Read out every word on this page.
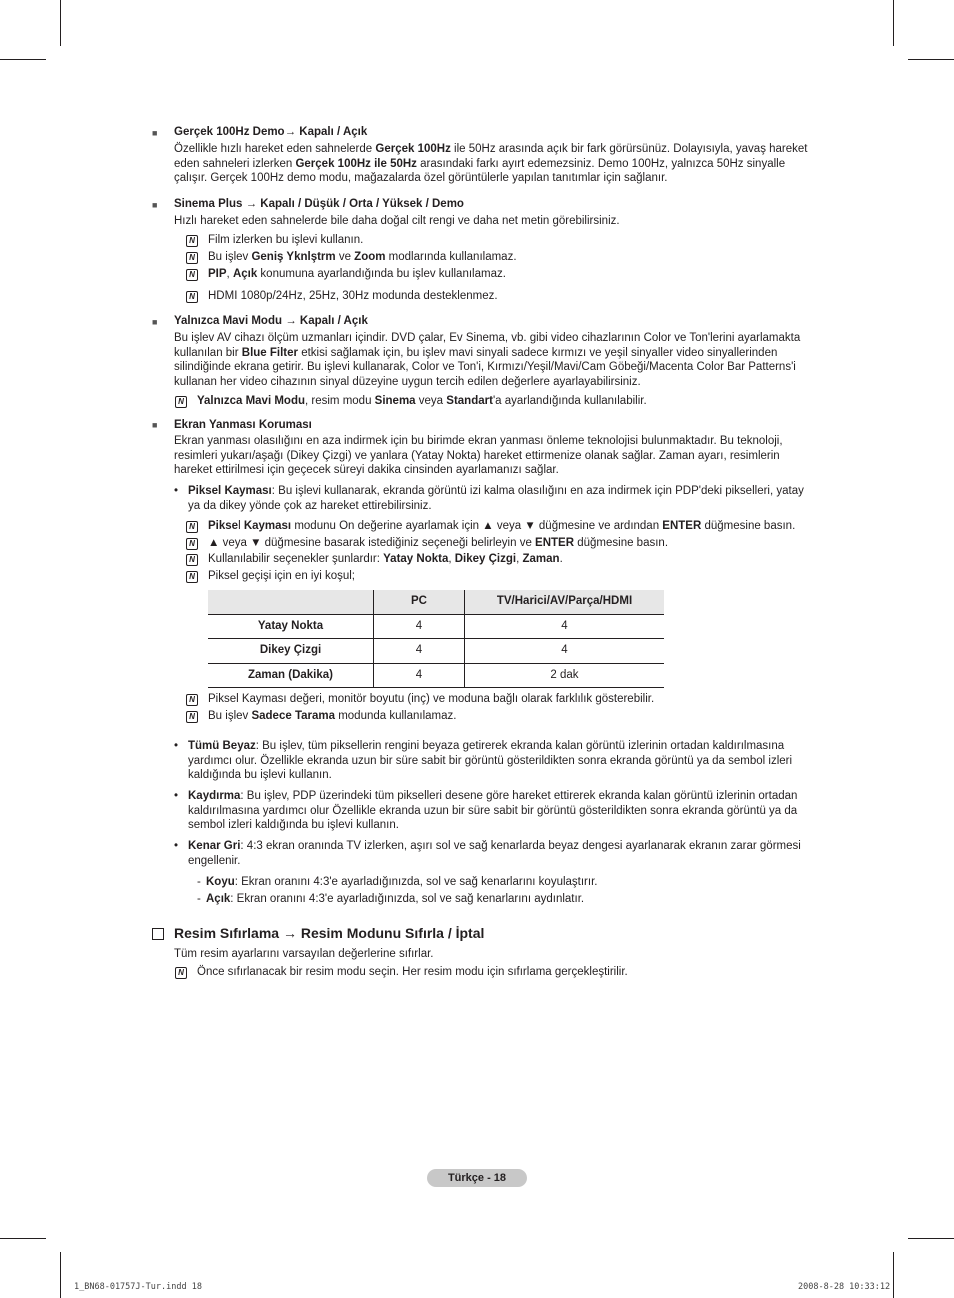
■ Gerçek 100Hz Demo→ Kapalı / Açık
Özellikle hızlı hareket eden sahnelerde Gerçek 100Hz ile 50Hz arasında açık bir fark görürsünüz. Dolayısıyla, yavaş hareket eden sahneleri izlerken Gerçek 100Hz ile 50Hz arasındaki farkı ayırt edemezsiniz. Demo 100Hz, yalnızca 50Hz sinyalle çalışır. Gerçek 100Hz demo modu, mağazalarda özel görüntülerle yapılan tanıtımlar için sağlanır.
■ Sinema Plus → Kapalı / Düşük / Orta / Yüksek / Demo
Hızlı hareket eden sahnelerde bile daha doğal cilt rengi ve daha net metin görebilirsiniz.
N Film izlerken bu işlevi kullanın.
N Bu işlev Geniş Yknlştrm ve Zoom modlarında kullanılamaz.
N PIP, Açık konumuna ayarlandığında bu işlev kullanılamaz.
N HDMI 1080p/24Hz, 25Hz, 30Hz modunda desteklenmez.
■ Yalnızca Mavi Modu → Kapalı / Açık
Bu işlev AV cihazı ölçüm uzmanları içindir. DVD çalar, Ev Sinema, vb. gibi video cihazlarının Color ve Ton'lerini ayarlamakta kullanılan bir Blue Filter etkisi sağlamak için, bu işlev mavi sinyali sadece kırmızı ve yeşil sinyaller video sinyallerinden silindiğinde ekrana getirir. Bu işlevi kullanarak, Color ve Ton'i, Kırmızı/Yeşil/Mavi/Cam Göbeği/Macenta Color Bar Patterns'i kullanan her video cihazının sinyal düzeyine uygun tercih edilen değerlere ayarlayabilirsiniz.
N Yalnızca Mavi Modu, resim modu Sinema veya Standart'a ayarlandığında kullanılabilir.
■ Ekran Yanması Koruması
Ekran yanması olasılığını en aza indirmek için bu birimde ekran yanması önleme teknolojisi bulunmaktadır. Bu teknoloji, resimleri yukarı/aşağı (Dikey Çizgi) ve yanlara (Yatay Nokta) hareket ettirmenize olanak sağlar. Zaman ayarı, resimlerin hareket ettirilmesi için geçecek süreyi dakika cinsinden ayarlamanızı sağlar.
• Piksel Kayması: Bu işlevi kullanarak, ekranda görüntü izi kalma olasılığını en aza indirmek için PDP'deki pikselleri, yatay ya da dikey yönde çok az hareket ettirebilirsiniz.
N Piksel Kayması modunu On değerine ayarlamak için ▲ veya ▼ düğmesine ve ardından ENTER düğmesine basın.
N ▲ veya ▼ düğmesine basarak istediğiniz seçeneği belirleyin ve ENTER düğmesine basın.
N Kullanılabilir seçenekler şunlardır: Yatay Nokta, Dikey Çizgi, Zaman.
N Piksel geçişi için en iyi koşul;
	PC	TV/Harici/AV/Parça/HDMI
Yatay Nokta	4	4
Dikey Çizgi	4	4
Zaman (Dakika)	4	2 dak
N Piksel Kayması değeri, monitör boyutu (inç) ve moduna bağlı olarak farklılık gösterebilir.
N Bu işlev Sadece Tarama modunda kullanılamaz.
• Tümü Beyaz: Bu işlev, tüm piksellerin rengini beyaza getirerek ekranda kalan görüntü izlerinin ortadan kaldırılmasına yardımcı olur. Özellikle ekranda uzun bir süre sabit bir görüntü gösterildikten sonra ekranda görüntü ya da sembol izleri kaldığında bu işlevi kullanın.
• Kaydırma: Bu işlev, PDP üzerindeki tüm pikselleri desene göre hareket ettirerek ekranda kalan görüntü izlerinin ortadan kaldırılmasına yardımcı olur Özellikle ekranda uzun bir süre sabit bir görüntü gösterildikten sonra ekranda görüntü ya da sembol izleri kaldığında bu işlevi kullanın.
• Kenar Gri: 4:3 ekran oranında TV izlerken, aşırı sol ve sağ kenarlarda beyaz dengesi ayarlanarak ekranın zarar görmesi engellenir.
- Koyu: Ekran oranını 4:3'e ayarladığınızda, sol ve sağ kenarlarını koyulaştırır.
- Açık: Ekran oranını 4:3'e ayarladığınızda, sol ve sağ kenarlarını aydınlatır.
Resim Sıfırlama → Resim Modunu Sıfırla / İptal
Tüm resim ayarlarını varsayılan değerlerine sıfırlar.
N Önce sıfırlanacak bir resim modu seçin. Her resim modu için sıfırlama gerçekleştirilir.
Türkçe - 18
1_BN68-01757J-Tur.indd 18	2008-8-28 10:33:12
